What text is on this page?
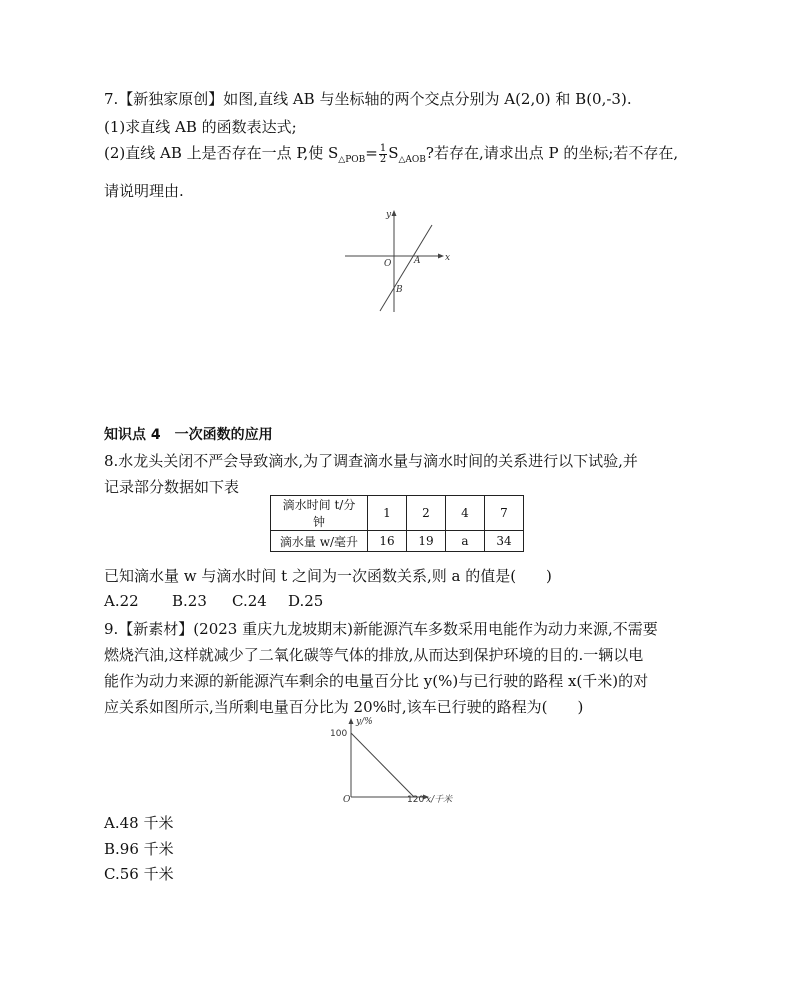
7.【新独家原创】如图,直线 AB 与坐标轴的两个交点分别为 A(2,0) 和 B(0,-3).
(1)求直线 AB 的函数表达式;
(2)直线 AB 上是否存在一点 P,使 $S_{\triangle POB}= \frac{1}{2} S_{\triangle AOB}$?若存在,请求出点 P 的坐标;若不存在,
请说明理由.
y
x
O	A
B
知识点 4　一次函数的应用
8.水龙头关闭不严会导致滴水,为了调查滴水量与滴水时间的关系进行以下试验,并
记录部分数据如下表
滴水时间 t/分钟	1	2	4	7
滴水量 w/毫升	16	19	a	34
已知滴水量 w 与滴水时间 t 之间为一次函数关系,则 a 的值是(　　)
A.22 B.23 C.24 D.25
9.【新素材】(2023 重庆九龙坡期末)新能源汽车多数采用电能作为动力来源,不需要
燃烧汽油,这样就减少了二氧化碳等气体的排放,从而达到保护环境的目的.一辆以电
能作为动力来源的新能源汽车剩余的电量百分比 y(%)与已行驶的路程 x(千米)的对
应关系如图所示,当所剩电量百分比为 20%时,该车已行驶的路程为(　　)
y/%
100
O	120 x/千米
A.48 千米
B.96 千米
C.56 千米
